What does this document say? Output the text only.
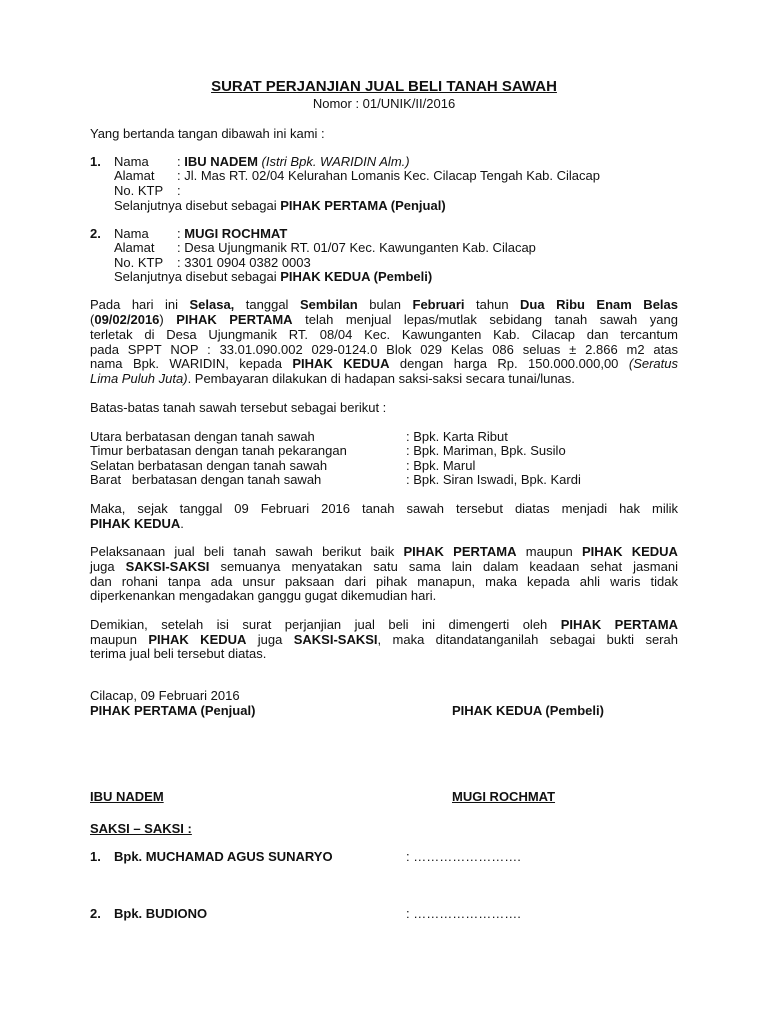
SURAT PERJANJIAN JUAL BELI TANAH SAWAH
Nomor : 01/UNIK/II/2016
Yang bertanda tangan dibawah ini kami :
1. Nama : IBU NADEM (Istri Bpk. WARIDIN Alm.)
Alamat : Jl. Mas RT. 02/04 Kelurahan Lomanis Kec. Cilacap Tengah Kab. Cilacap
No. KTP :
Selanjutnya disebut sebagai PIHAK PERTAMA (Penjual)
2. Nama : MUGI ROCHMAT
Alamat : Desa Ujungmanik RT. 01/07 Kec. Kawunganten Kab. Cilacap
No. KTP : 3301 0904 0382 0003
Selanjutnya disebut sebagai PIHAK KEDUA (Pembeli)
Pada hari ini Selasa, tanggal Sembilan bulan Februari tahun Dua Ribu Enam Belas
(09/02/2016) PIHAK PERTAMA telah menjual lepas/mutlak sebidang tanah sawah yang
terletak di Desa Ujungmanik RT. 08/04 Kec. Kawunganten Kab. Cilacap dan tercantum
pada SPPT NOP : 33.01.090.002 029-0124.0 Blok 029 Kelas 086 seluas ± 2.866 m2 atas
nama Bpk. WARIDIN, kepada PIHAK KEDUA dengan harga Rp. 150.000.000,00 (Seratus
Lima Puluh Juta). Pembayaran dilakukan di hadapan saksi-saksi secara tunai/lunas.
Batas-batas tanah sawah tersebut sebagai berikut :
Utara berbatasan dengan tanah sawah	: Bpk. Karta Ribut
Timur berbatasan dengan tanah pekarangan	: Bpk. Mariman, Bpk. Susilo
Selatan berbatasan dengan tanah sawah	: Bpk. Marul
Barat   berbatasan dengan tanah sawah	: Bpk. Siran Iswadi, Bpk. Kardi
Maka, sejak tanggal 09 Februari 2016 tanah sawah tersebut diatas menjadi hak milik
PIHAK KEDUA.
Pelaksanaan jual beli tanah sawah berikut baik PIHAK PERTAMA maupun PIHAK KEDUA
juga SAKSI-SAKSI semuanya menyatakan satu sama lain dalam keadaan sehat jasmani
dan rohani tanpa ada unsur paksaan dari pihak manapun, maka kepada ahli waris tidak
diperkenankan mengadakan ganggu gugat dikemudian hari.
Demikian, setelah isi surat perjanjian jual beli ini dimengerti oleh PIHAK PERTAMA
maupun PIHAK KEDUA juga SAKSI-SAKSI, maka ditandatanganilah sebagai bukti serah
terima jual beli tersebut diatas.
Cilacap, 09 Februari 2016
PIHAK PERTAMA (Penjual)	PIHAK KEDUA (Pembeli)
IBU NADEM	MUGI ROCHMAT
SAKSI – SAKSI :
1. Bpk. MUCHAMAD AGUS SUNARYO	: …………………….
2. Bpk. BUDIONO	: …………………….
